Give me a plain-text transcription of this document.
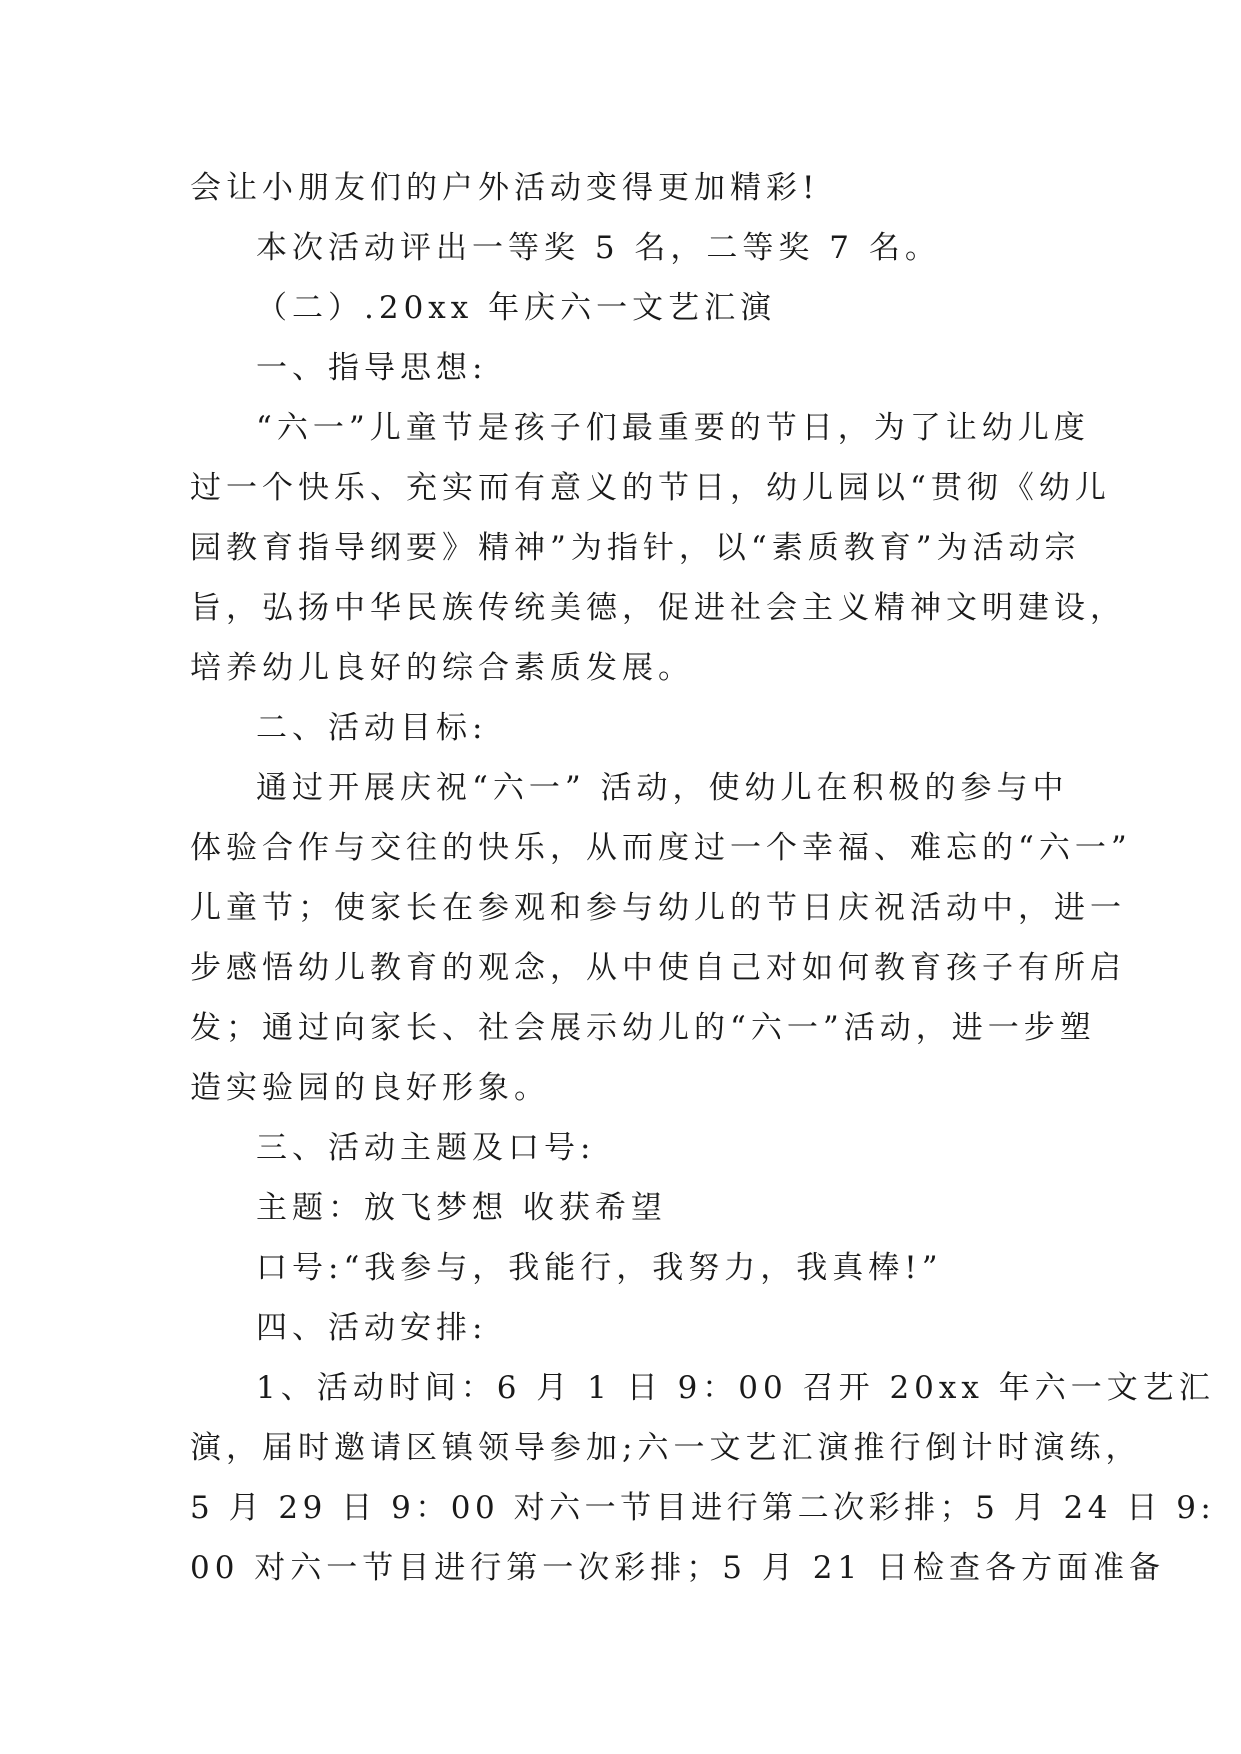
会让小朋友们的户外活动变得更加精彩!
本次活动评出一等奖 5 名，二等奖 7 名。
（二）.20xx 年庆六一文艺汇演
一、指导思想:
“六一”儿童节是孩子们最重要的节日，为了让幼儿度
过一个快乐、充实而有意义的节日，幼儿园以“贯彻《幼儿
园教育指导纲要》精神”为指针，以“素质教育”为活动宗
旨，弘扬中华民族传统美德，促进社会主义精神文明建设，
培养幼儿良好的综合素质发展。
二、活动目标:
通过开展庆祝“六一” 活动，使幼儿在积极的参与中
体验合作与交往的快乐，从而度过一个幸福、难忘的“六一”
儿童节；使家长在参观和参与幼儿的节日庆祝活动中，进一
步感悟幼儿教育的观念，从中使自己对如何教育孩子有所启
发；通过向家长、社会展示幼儿的“六一”活动，进一步塑
造实验园的良好形象。
三、活动主题及口号:
主题：放飞梦想 收获希望
口号:“我参与，我能行，我努力，我真棒!”
四、活动安排:
1、活动时间：6 月 1 日 9：00 召开 20xx 年六一文艺汇
演，届时邀请区镇领导参加;六一文艺汇演推行倒计时演练，
5 月 29 日 9：00 对六一节目进行第二次彩排；5 月 24 日 9:
00 对六一节目进行第一次彩排；5 月 21 日检查各方面准备
